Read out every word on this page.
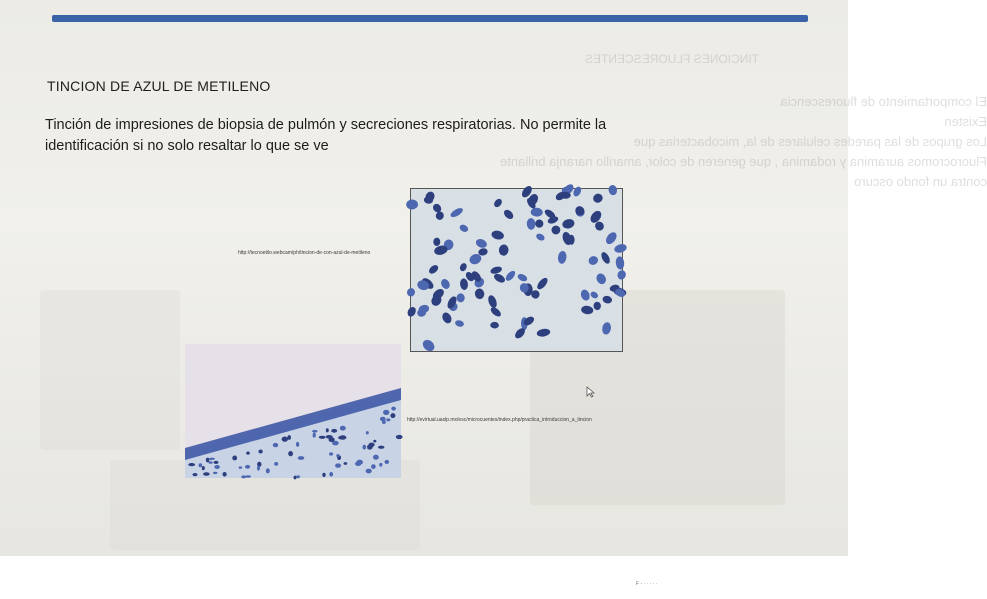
TINCIONES FLUORESCENTES
El comportamiento de fluorescencia
Existen
Los grupos de las paredes celulares de la, micobacterias que
Fluorocromos auramina y rodamina , que generen de color, amarillo naranja brillante
contra un fondo oscuro
TINCION DE AZUL DE METILENO
Tinción de impresiones de biopsia de pulmón y secreciones respiratorias. No permite la
identificación si no solo resaltar lo que se ve
http://tecnoetilo.webcam/ph/tincion-de-con-azul-de-metileno
http://evirtual.uaslp.mx/esc/microcuentes/index.php/practica_introduccion_a_tincion
F - · · · · ·
